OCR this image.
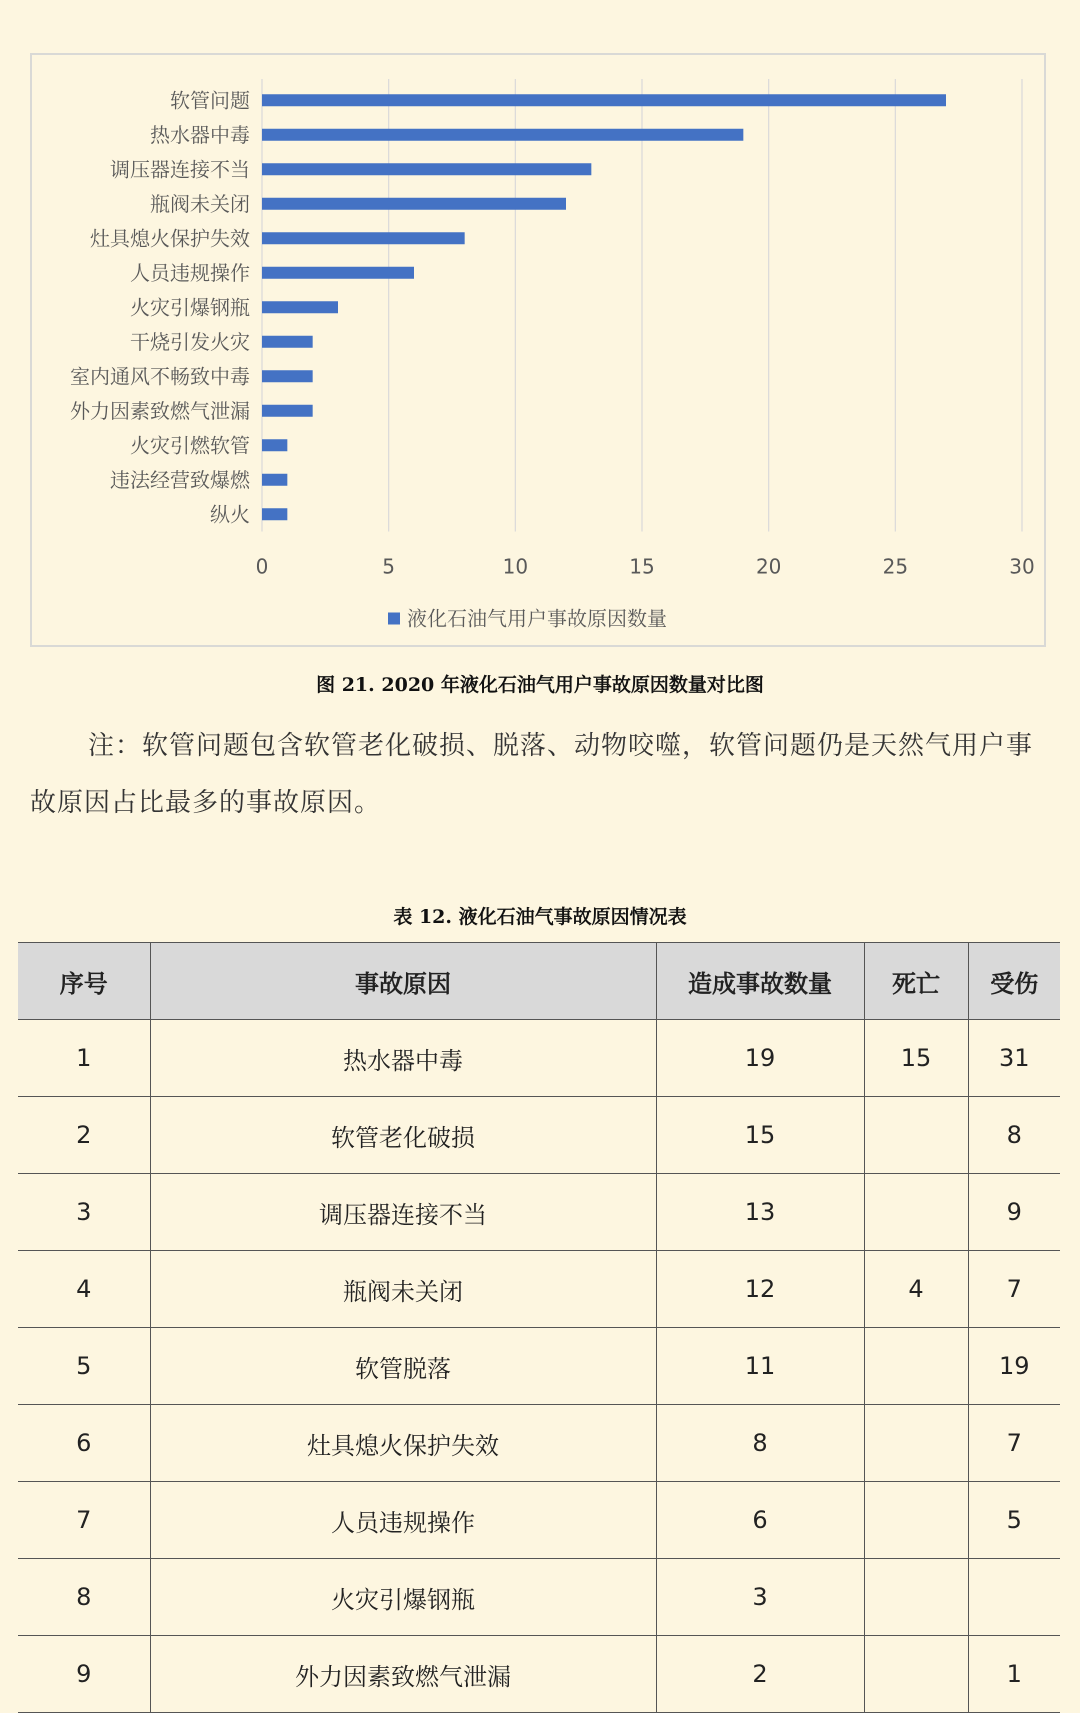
软管问题
热水器中毒
调压器连接不当
瓶阀未关闭
灶具熄火保护失效
人员违规操作
火灾引爆钢瓶
干烧引发火灾
室内通风不畅致中毒
外力因素致燃气泄漏
火灾引燃软管
违法经营致爆燃
纵火
0	5	10	15	20	25	30
液化石油气用户事故原因数量
图 21. 2020 年液化石油气用户事故原因数量对比图
注：软管问题包含软管老化破损、脱落、动物咬噬，软管问题仍是天然气用户事故原因占比最多的事故原因。
表 12. 液化石油气事故原因情况表
序号	事故原因	造成事故数量	死亡	受伤
1	热水器中毒	19	15	31
2	软管老化破损	15		8
3	调压器连接不当	13		9
4	瓶阀未关闭	12	4	7
5	软管脱落	11		19
6	灶具熄火保护失效	8		7
7	人员违规操作	6		5
8	火灾引爆钢瓶	3		
9	外力因素致燃气泄漏	2		1
